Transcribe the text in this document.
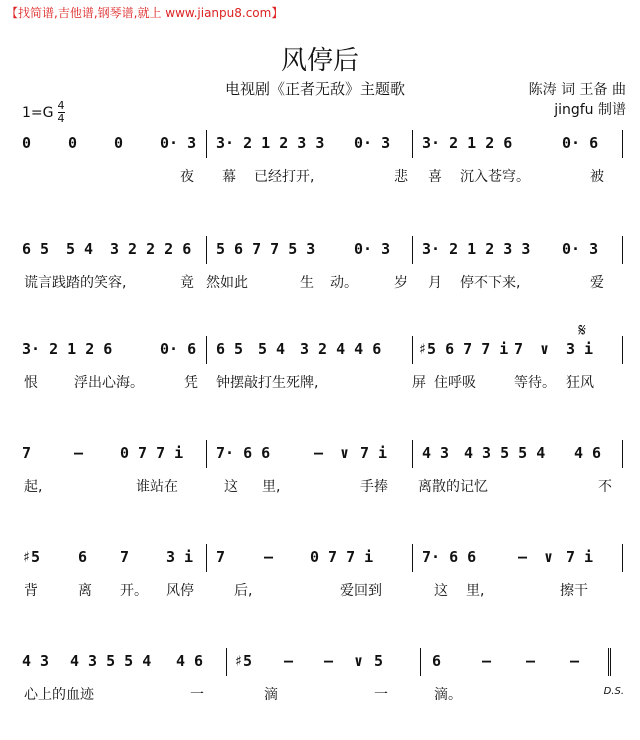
【找简谱,吉他谱,钢琴谱,就上 www.jianpu8.com】
风停后
电视剧《正者无敌》主题歌	陈涛 词 王备 曲
jingfu 制谱
1=G 4
4
0 0 0 0· 3 3· 2 1 2 3 3 0· 3 3· 2 1 2 6	0· 6
夜 幕 已经打开,	悲 喜 沉入苍穹。	被
6 5 5 4 3 2 2 2 6 5 6 7 7 5 3	0· 3 3· 2 1 2 3 3 0· 3
谎言践踏的笑容,	竟 然如此	生 动。	岁 月 停不下来,	爱
𝄋
3· 2 1 2 6	0· 6 6 5 5 4 3 2 4 4 6 ♯5 6 7 7 i 7 ∨ 3 i
恨	浮出心海。	凭 钟摆敲打生死牌,	屏 住呼吸	等待。 狂风
7	– 0 7 7 i 7· 6 6	– ∨ 7 i 4 3 4 3 5 5 4 4 6
起,	谁站在	这 里,	手捧 离散的记忆	不
♯5	6 7 3 i 7	– 0 7 7 i	7· 6 6	– ∨ 7 i
背	离 开。 风停	后,	爱回到	这 里,	擦干
4 3 4 3 5 5 4 4 6 ♯5 – – ∨ 5	6	– – –
心上的血迹	一	滴	一	滴。	D.S.
